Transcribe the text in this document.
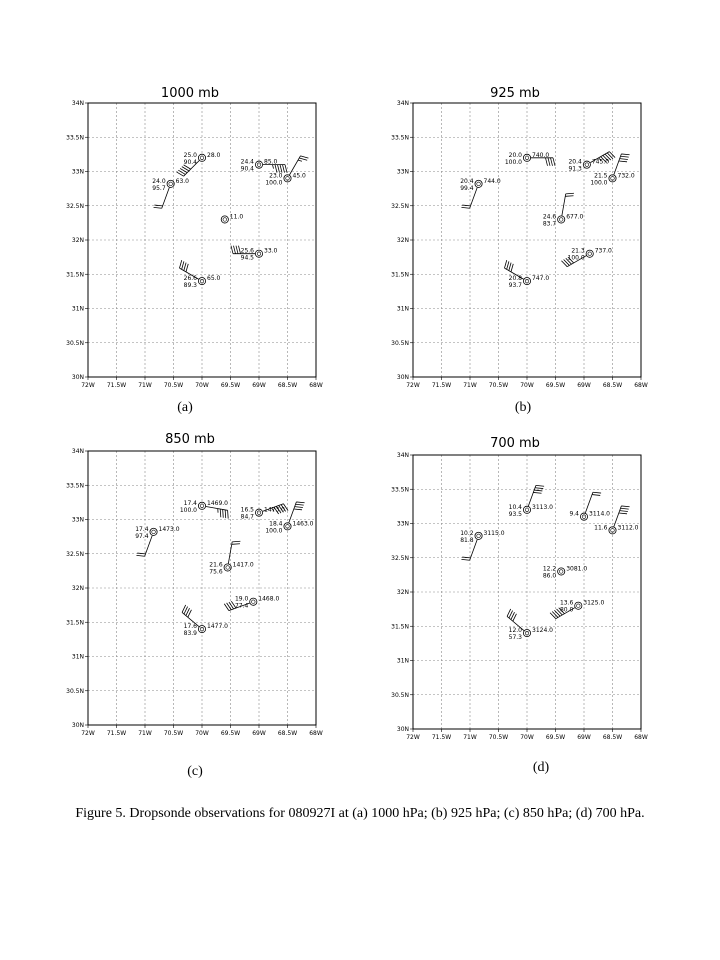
1000 mb	925 mb
850 mb	700 mb
72W 71.5W 71W 70.5W 70W 69.5W 69W 68.5W 68W
30N
30.5N
31N
31.5N
32N
32.5N
33N
33.5N
34N
25.0
90.4
28.0
24.0
95.7
63.0
24.4
90.4
85.0
23.0
100.0
45.0
11.0
25.6
94.5
33.0
26.6
89.3
65.0
72W 71.5W 71W 70.5W 70W 69.5W 69W 68.5W 68W
30N
30.5N
31N
31.5N
32N
32.5N
33N
33.5N
34N
20.0
100.0
740.0
20.4
99.4
744.0
20.4
91.3
745.0
21.5
100.0
732.0
24.6
83.7
677.0
21.3
100.0
737.0
20.8
93.7
747.0
72W 71.5W 71W 70.5W 70W 69.5W 69W 68.5W 68W
30N
30.5N
31N
31.5N
32N
32.5N
33N
33.5N
34N
17.4
100.0
1469.0
17.4
97.4
1473.0
16.5
84.7
1473.0
18.4
100.0
1463.0
21.6
75.6
1417.0
19.0
77.4
1468.0
17.6
83.9
1477.0
72W 71.5W 71W 70.5W 70W 69.5W 69W 68.5W 68W
30N
30.5N
31N
31.5N
32N
32.5N
33N
33.5N
34N
10.4
93.5
3113.0
10.2
81.8
3115.0
9.4 3114.0
11.6 3112.0
12.2
86.0
3081.0
13.6
80.0
3125.0
12.0
57.3
3124.0
(a)	(b)
(c)	(d)
Figure 5. Dropsonde observations for 080927I at (a) 1000 hPa; (b) 925 hPa; (c) 850 hPa; (d) 700 hPa.
